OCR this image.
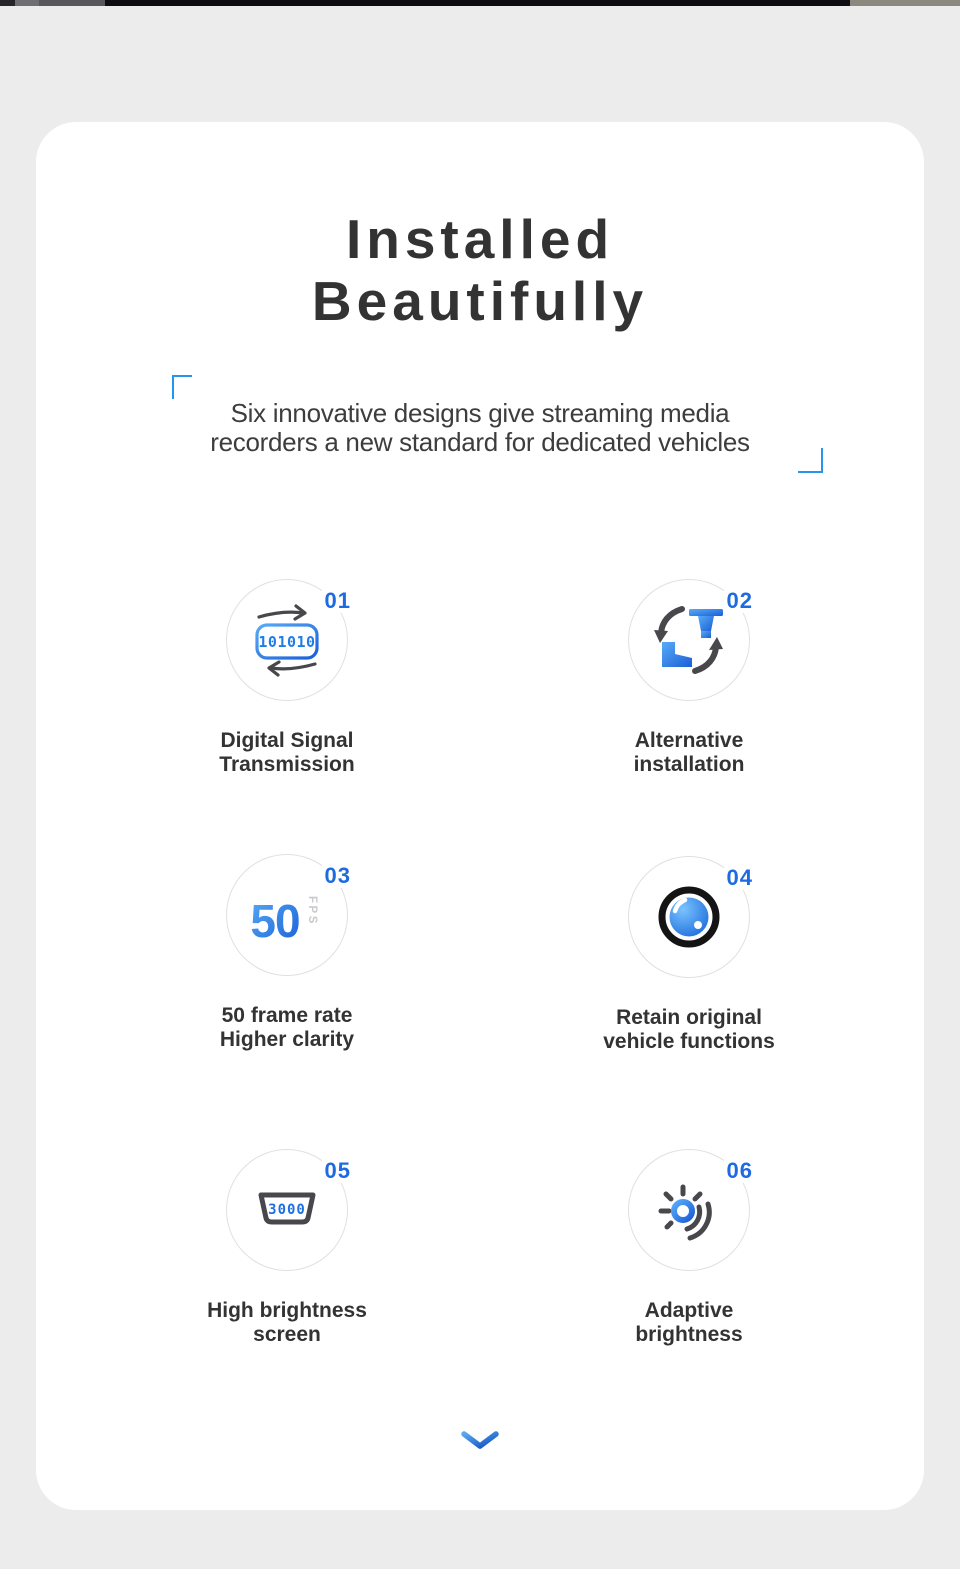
Installed
Beautifully
Six innovative designs give streaming media
recorders a new standard for dedicated vehicles
01
101010
Digital Signal
Transmission
02
Alternative
installation
03
50 FPS
50 frame rate
Higher clarity
04
Retain original
vehicle functions
05
3000
High brightness
screen
06
Adaptive
brightness
